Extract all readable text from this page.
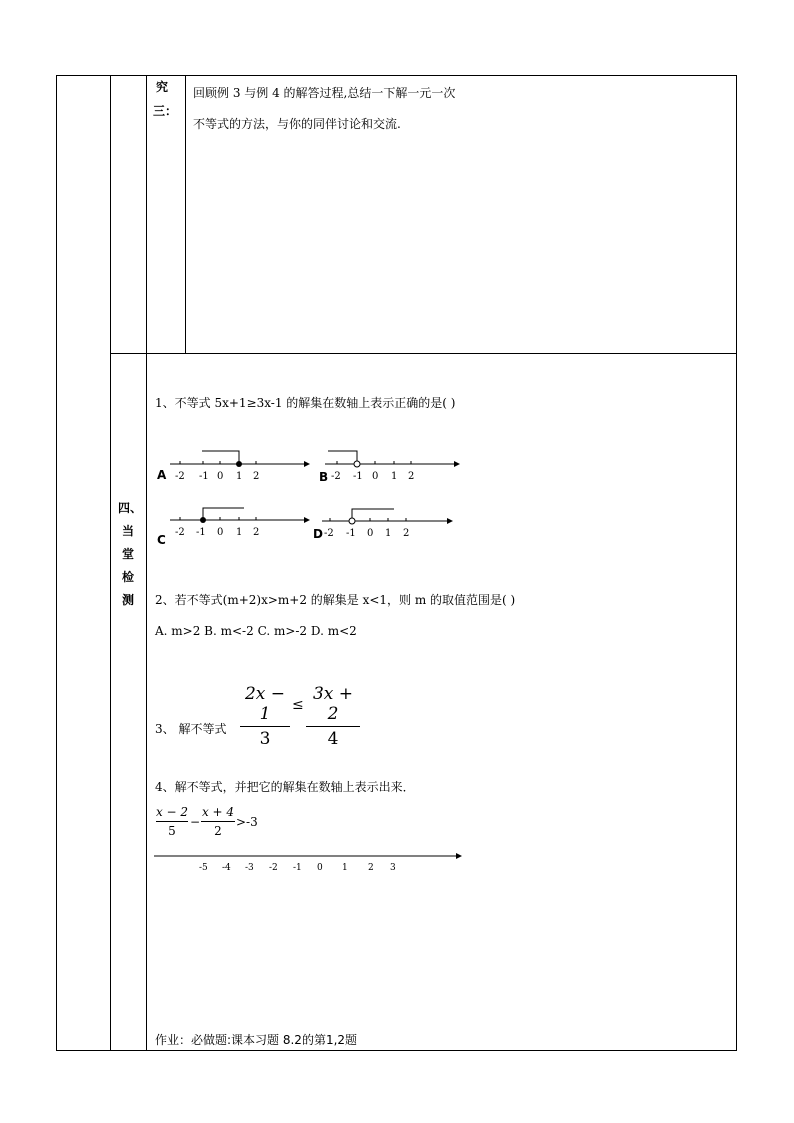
究
三：
回顾例 3 与例 4 的解答过程,总结一下解一元一次
不等式的方法，与你的同伴讨论和交流.
四、
当
堂
检
测
1、不等式 5x+1≥3x-1 的解集在数轴上表示正确的是( )
A -2 -1 0 1 2	B -2 -1 0 1 2
C
-2 -1 0 1 2	D -2 -1 0 1 2
2、若不等式(m+2)x>m+2 的解集是 x<1，则 m 的取值范围是( )
A. m>2 B. m<-2 C. m>-2 D. m<2
3、 解不等式
2x − 1
3
≤
3x + 2
4
4、解不等式，并把它的解集在数轴上表示出来．
x − 2
5
−
x + 4
2
>-3
-5 -4 -3 -2 -1 0 1 2 3
作业：必做题:课本习题 8.2的第1,2题
